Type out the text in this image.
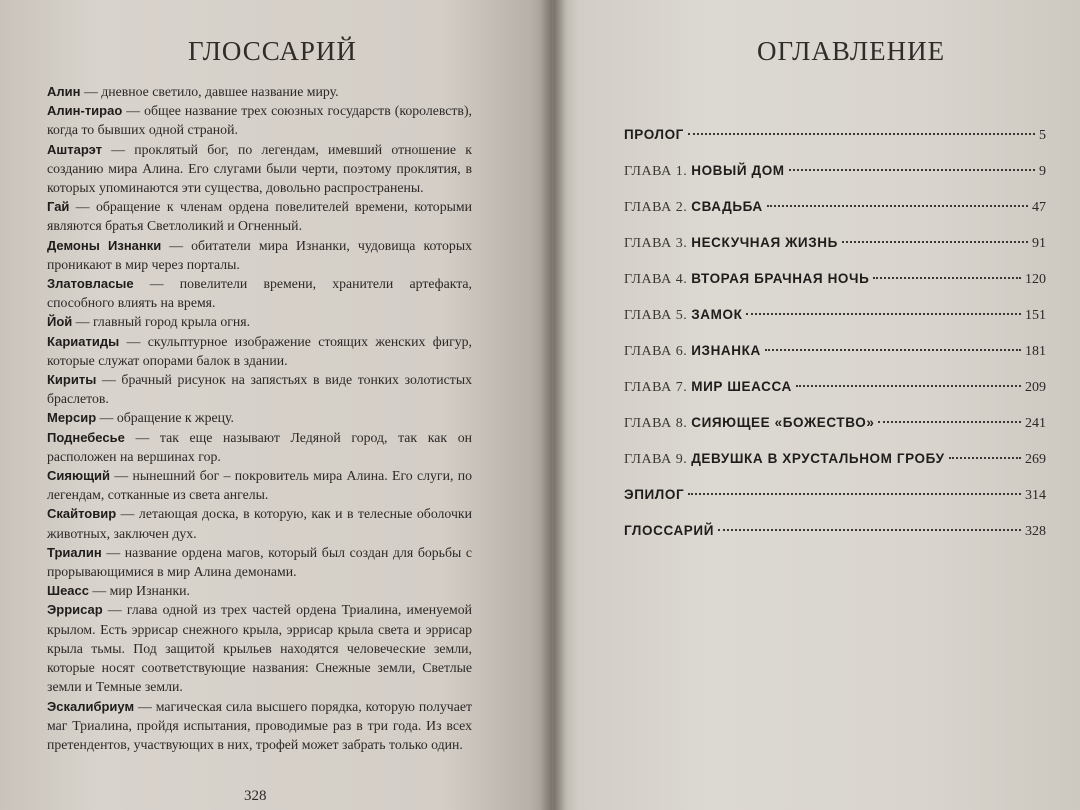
ГЛОССАРИЙ

Алин — дневное светило, давшее название миру.

Алин-тирао — общее название трех союзных государств (королевств), когда то бывших одной страной.

Аштарэт — проклятый бог, по легендам, имевший отношение к созданию мира Алина. Его слугами были черти, поэтому проклятия, в которых упоминаются эти существа, довольно распространены.

Гай — обращение к членам ордена повелителей времени, которыми являются братья Светлоликий и Огненный.

Демоны Изнанки — обитатели мира Изнанки, чудовища которых проникают в мир через порталы.

Златовласые — повелители времени, хранители артефакта, способного влиять на время.

Йой — главный город крыла огня.

Кариатиды — скульптурное изображение стоящих женских фигур, которые служат опорами балок в здании.

Кириты — брачный рисунок на запястьях в виде тонких золотистых браслетов.

Мерсир — обращение к жрецу.

Поднебесье — так еще называют Ледяной город, так как он расположен на вершинах гор.

Сияющий — нынешний бог – покровитель мира Алина. Его слуги, по легендам, сотканные из света ангелы.

Скайтовир — летающая доска, в которую, как и в телесные оболочки животных, заключен дух.

Триалин — название ордена магов, который был создан для борьбы с прорывающимися в мир Алина демонами.

Шеасс — мир Изнанки.

Эррисар — глава одной из трех частей ордена Триалина, именуемой крылом. Есть эррисар снежного крыла, эррисар крыла света и эррисар крыла тьмы. Под защитой крыльев находятся человеческие земли, которые носят соответствующие названия: Снежные земли, Светлые земли и Темные земли.

Эскалибриум — магическая сила высшего порядка, которую получает маг Триалина, пройдя испытания, проводимые раз в три года. Из всех претендентов, участвующих в них, трофей может забрать только один.

328
ОГЛАВЛЕНИЕ
ПРОЛОГ	5
ГЛАВА 1. НОВЫЙ ДОМ	9
ГЛАВА 2. СВАДЬБА	47
ГЛАВА 3. НЕСКУЧНАЯ ЖИЗНЬ	91
ГЛАВА 4. ВТОРАЯ БРАЧНАЯ НОЧЬ	120
ГЛАВА 5. ЗАМОК	151
ГЛАВА 6. ИЗНАНКА	181
ГЛАВА 7. МИР ШЕАССА	209
ГЛАВА 8. СИЯЮЩЕЕ «БОЖЕСТВО»	241
ГЛАВА 9. ДЕВУШКА В ХРУСТАЛЬНОМ ГРОБУ	269
ЭПИЛОГ	314
ГЛОССАРИЙ	328
